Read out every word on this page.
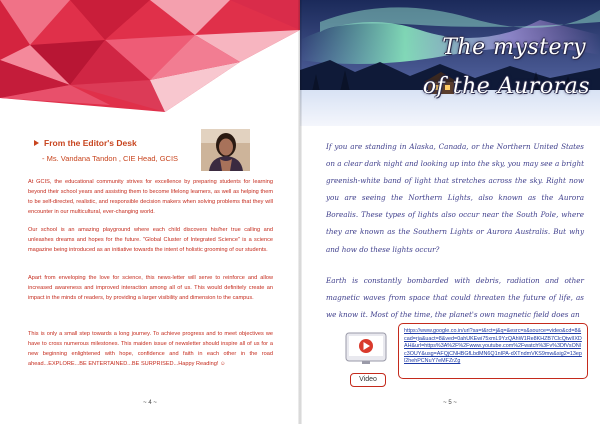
From the Editor's Desk
- Ms. Vandana Tandon , CIE Head, GCIS

At GCIS, the educational community strives for excellence by preparing students for learning beyond their school years and assisting them to become lifelong learners, as well as helping them to be self-directed, realistic, and responsible decision makers when solving problems that they will encounter in our multicultural, ever-changing world.

Our school is an amazing playground where each child discovers his/her true calling and unleashes dreams and hopes for the future. "Global Cluster of Integrated Science" is a science magazine being introduced as an initiative towards the intent of holistic grooming of our students.

Apart from enveloping the love for science, this news-letter will serve to reinforce and allow increased awareness and improved interaction among all of us. This would definitely create an impact in the minds of readers, by providing a larger visibility and dimension to the campus.

This is only a small step towards a long journey. To achieve progress and to meet objectives we have to cross numerous milestones. This maiden issue of newsletter should inspire all of us for a new beginning enlightened with hope, confidence and faith in each other in the road ahead...EXPLORE...BE ENTERTAINED...BE SURPRISED...Happy Reading! ☺

~ 4 ~
The mystery
of the Auroras

If you are standing in Alaska, Canada, or the Northern United States on a clear dark night and looking up into the sky, you may see a bright greenish-white band of light that stretches across the sky. Right now you are seeing the Northern Lights, also known as the Aurora Borealis. These types of lights also occur near the South Pole, where they are known as the Southern Lights or Aurora Australis. But why and how do these lights occur?

Earth is constantly bombarded with debris, radiation and other magnetic waves from space that could threaten the future of life, as we know it. Most of the time, the planet's own magnetic field does an

Video
https://www.google.co.in/url?sa=t&rct=j&q=&esrc=s&source=video&cd=8&cad=rja&uact=8&ved=0ahUKEwi75xmL9YzQAhW1Re8KHZB7ClcQtwIIXDAH&url=https%3A%2F%2Fwww.youtube.com%2Fwatch%3Fv%3DfVsONlc3OUY&usg=AFQjCNHBGfLbdMN6Q1nIPA-dXTndmVKS9mw&sig2=13epl2hehPCNuY7eMFZrZg
~ 5 ~
